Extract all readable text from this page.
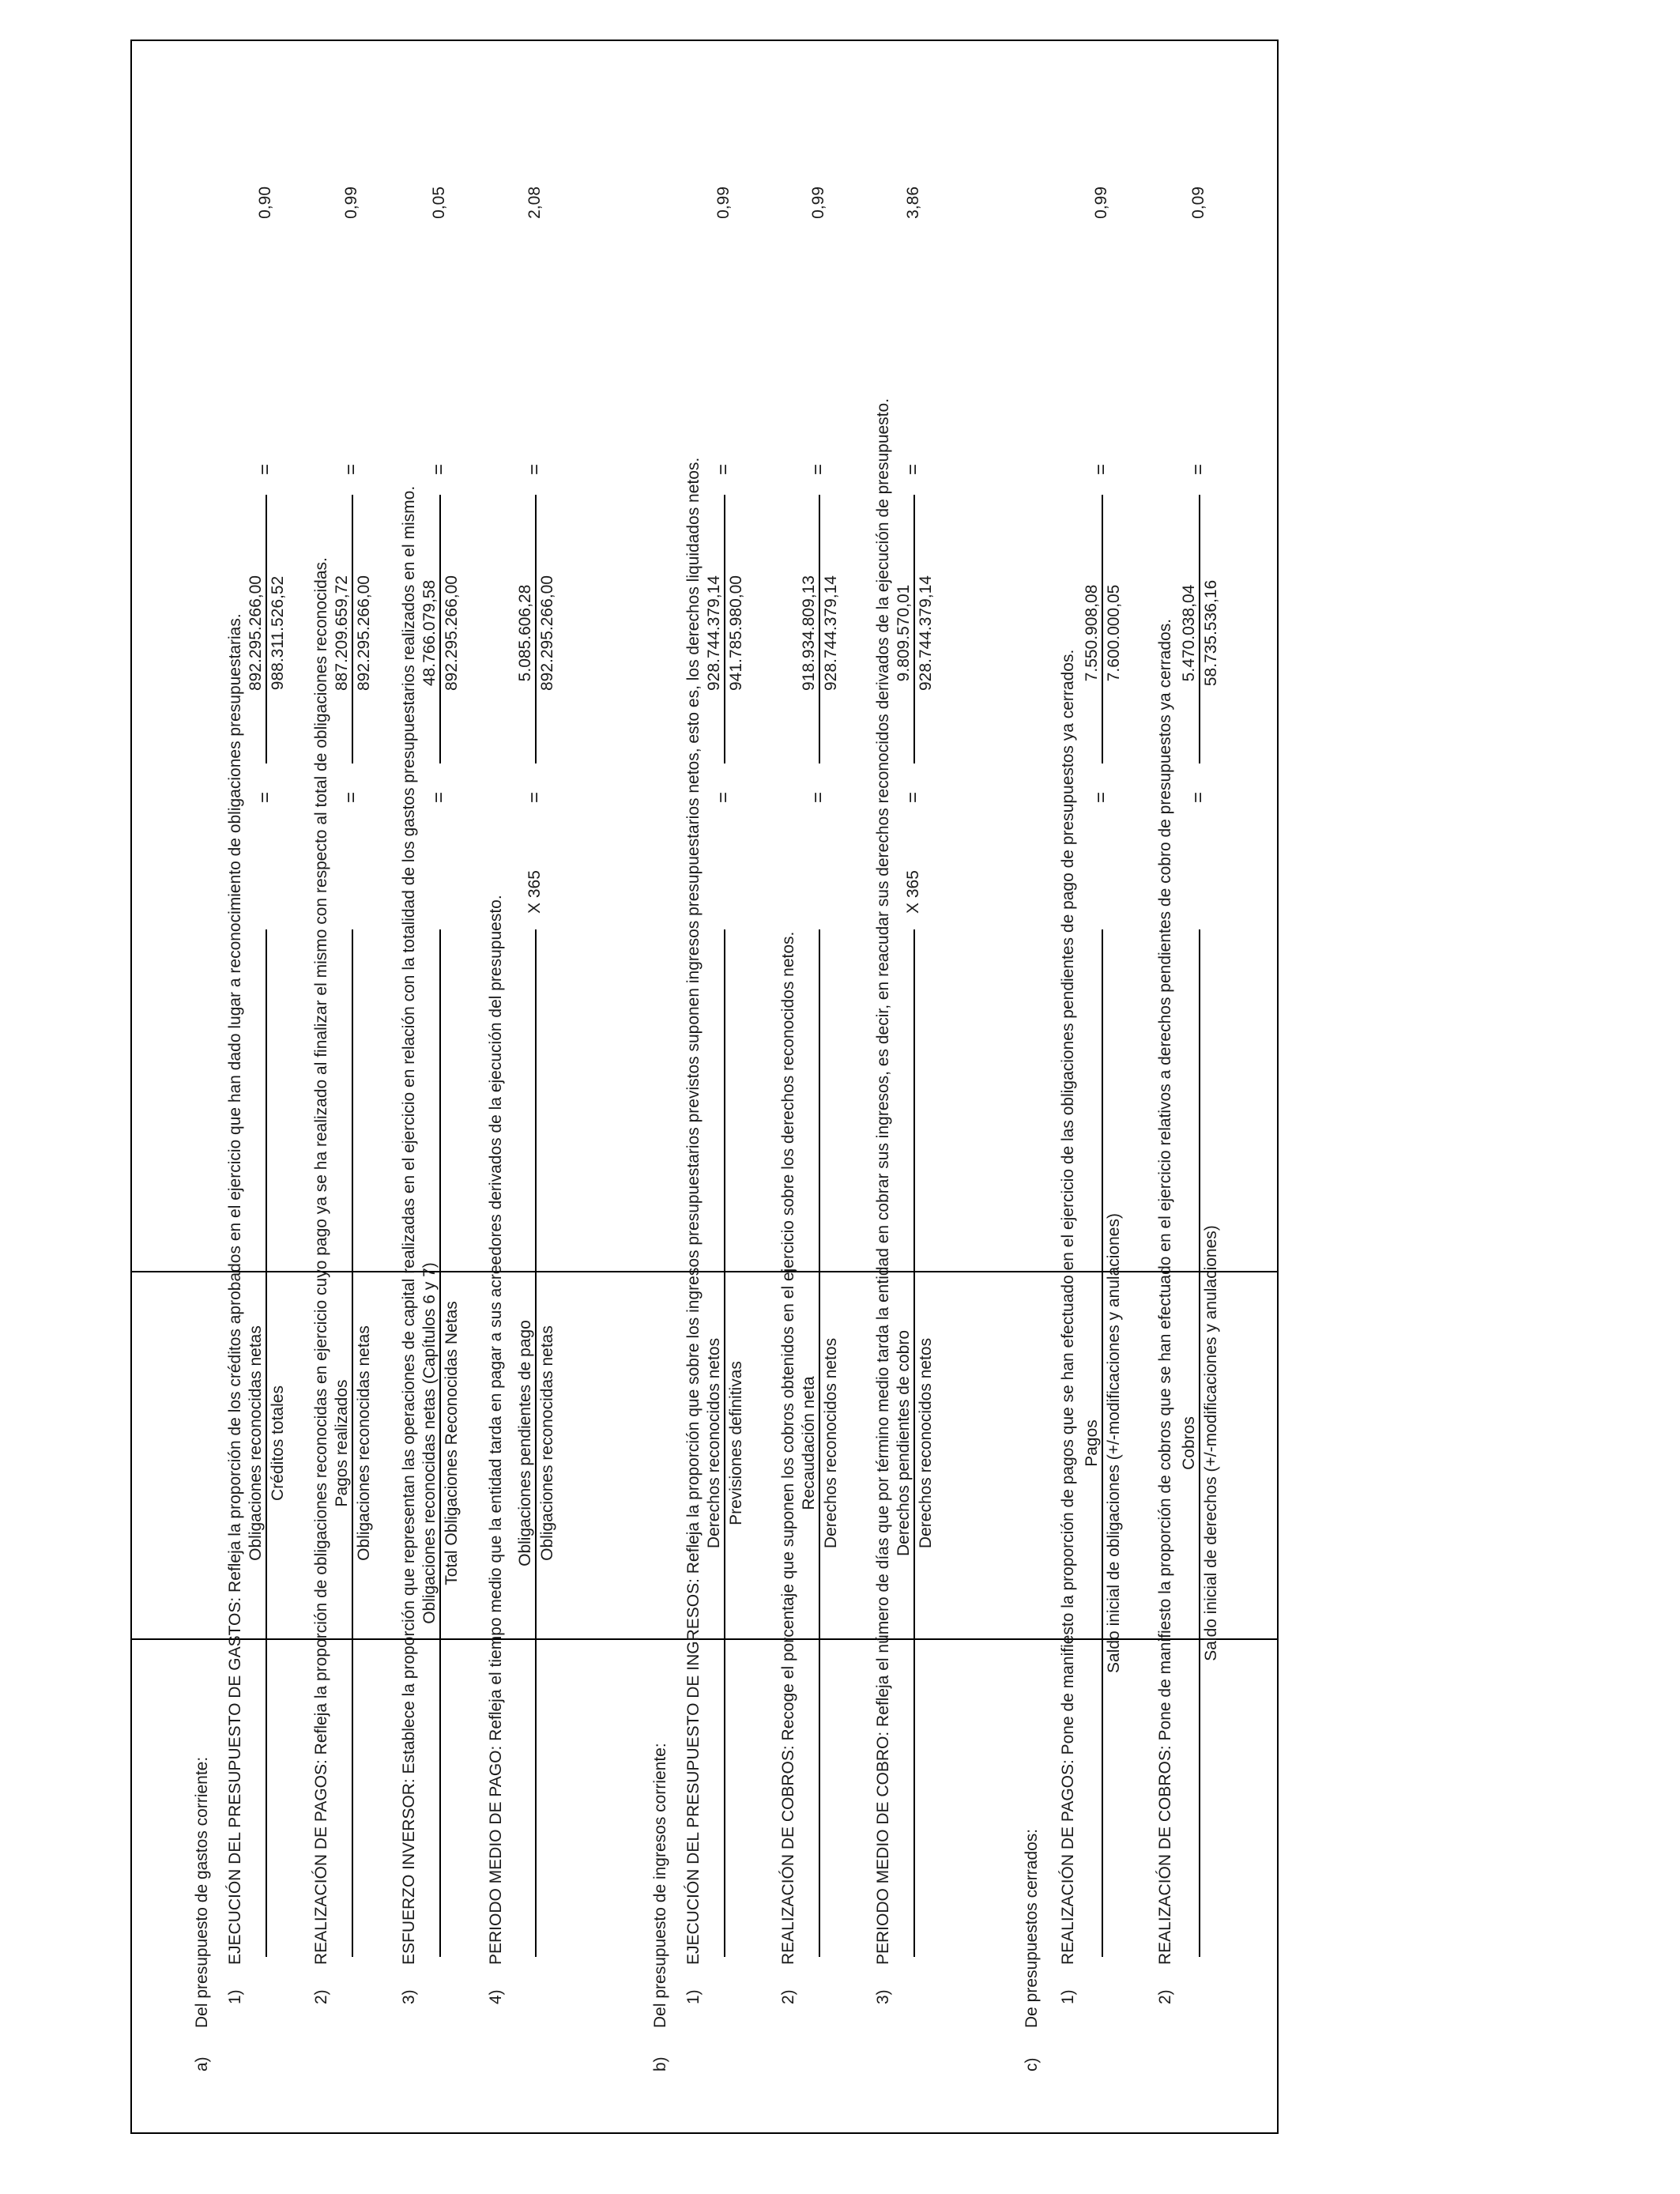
a)
Del presupuesto de gastos corriente: 1)
EJECUCIÓN DEL PRESUPUESTO DE GASTOS: Refleja la proporción de los créditos aprobados en el ejercicio que han dado lugar a reconocimiento de obligaciones presupuestarias. Obligaciones reconocidas netas Créditos totales
=
892.295.266,00 988.311.526,52
=
0,90
2)
REALIZACIÓN DE PAGOS: Refleja la proporción de obligaciones reconocidas en ejercicio cuyo pago ya se ha realizado al finalizar el mismo con respecto al total de obligaciones reconocidas. Pagos realizados Obligaciones reconocidas netas
=
887.209.659,72 892.295.266,00
=
0,99
3)
ESFUERZO INVERSOR: Establece la proporción que representan las operaciones de capital realizadas en el ejercicio en relación con la totalidad de los gastos presupuestarios realizados en el mismo. Obligaciones reconocidas netas (Capítulos 6 y 7) Total Obligaciones Reconocidas Netas
=
48.766.079,58 892.295.266,00
=
0,05
4)
PERIODO MEDIO DE PAGO: Refleja el tiempo medio que la entidad tarda en pagar a sus acreedores derivados de la ejecución del presupuesto. Obligaciones pendientes de pago Obligaciones reconocidas netas
X 365
=
5.085.606,28 892.295.266,00
=
2,08
b)
Del presupuesto de ingresos corriente: 1)
EJECUCIÓN DEL PRESUPUESTO DE INGRESOS: Refleja la proporción que sobre los ingresos presupuestarios previstos suponen ingresos presupuestarios netos, esto es, los derechos liquidados netos. Derechos reconocidos netos Previsiones definitivas
=
928.744.379,14 941.785.980,00
=
0,99
2)
REALIZACIÓN DE COBROS: Recoge el porcentaje que suponen los cobros obtenidos en el ejercicio sobre los derechos reconocidos netos. Recaudación neta Derechos reconocidos netos
=
918.934.809,13 928.744.379,14
=
0,99
3)
PERIODO MEDIO DE COBRO: Refleja el número de días que por término medio tarda la entidad en cobrar sus ingresos, es decir, en reacudar sus derechos reconocidos derivados de la ejecución de presupuesto. Derechos pendientes de cobro Derechos reconocidos netos
X 365
=
9.809.570,01 928.744.379,14
=
3,86
c)
De presupuestos cerrados: 1)
REALIZACIÓN DE PAGOS: Pone de manifiesto la proporción de pagos que se han efectuado en el ejercicio de las obligaciones pendientes de pago de presupuestos ya cerrados. Pagos Saldo inicial de obligaciones (+/-modificaciones y anulaciones)
=
7.550.908,08 7.600.000,05
=
0,99
2)
REALIZACIÓN DE COBROS: Pone de manifiesto la proporción de cobros que se han efectuado en el ejercicio relativos a derechos pendientes de cobro de presupuestos ya cerrados. Cobros Saldo inicial de derechos (+/-modificaciones y anulaciones)
=
5.470.038,04 58.735.536,16
=
0,09
